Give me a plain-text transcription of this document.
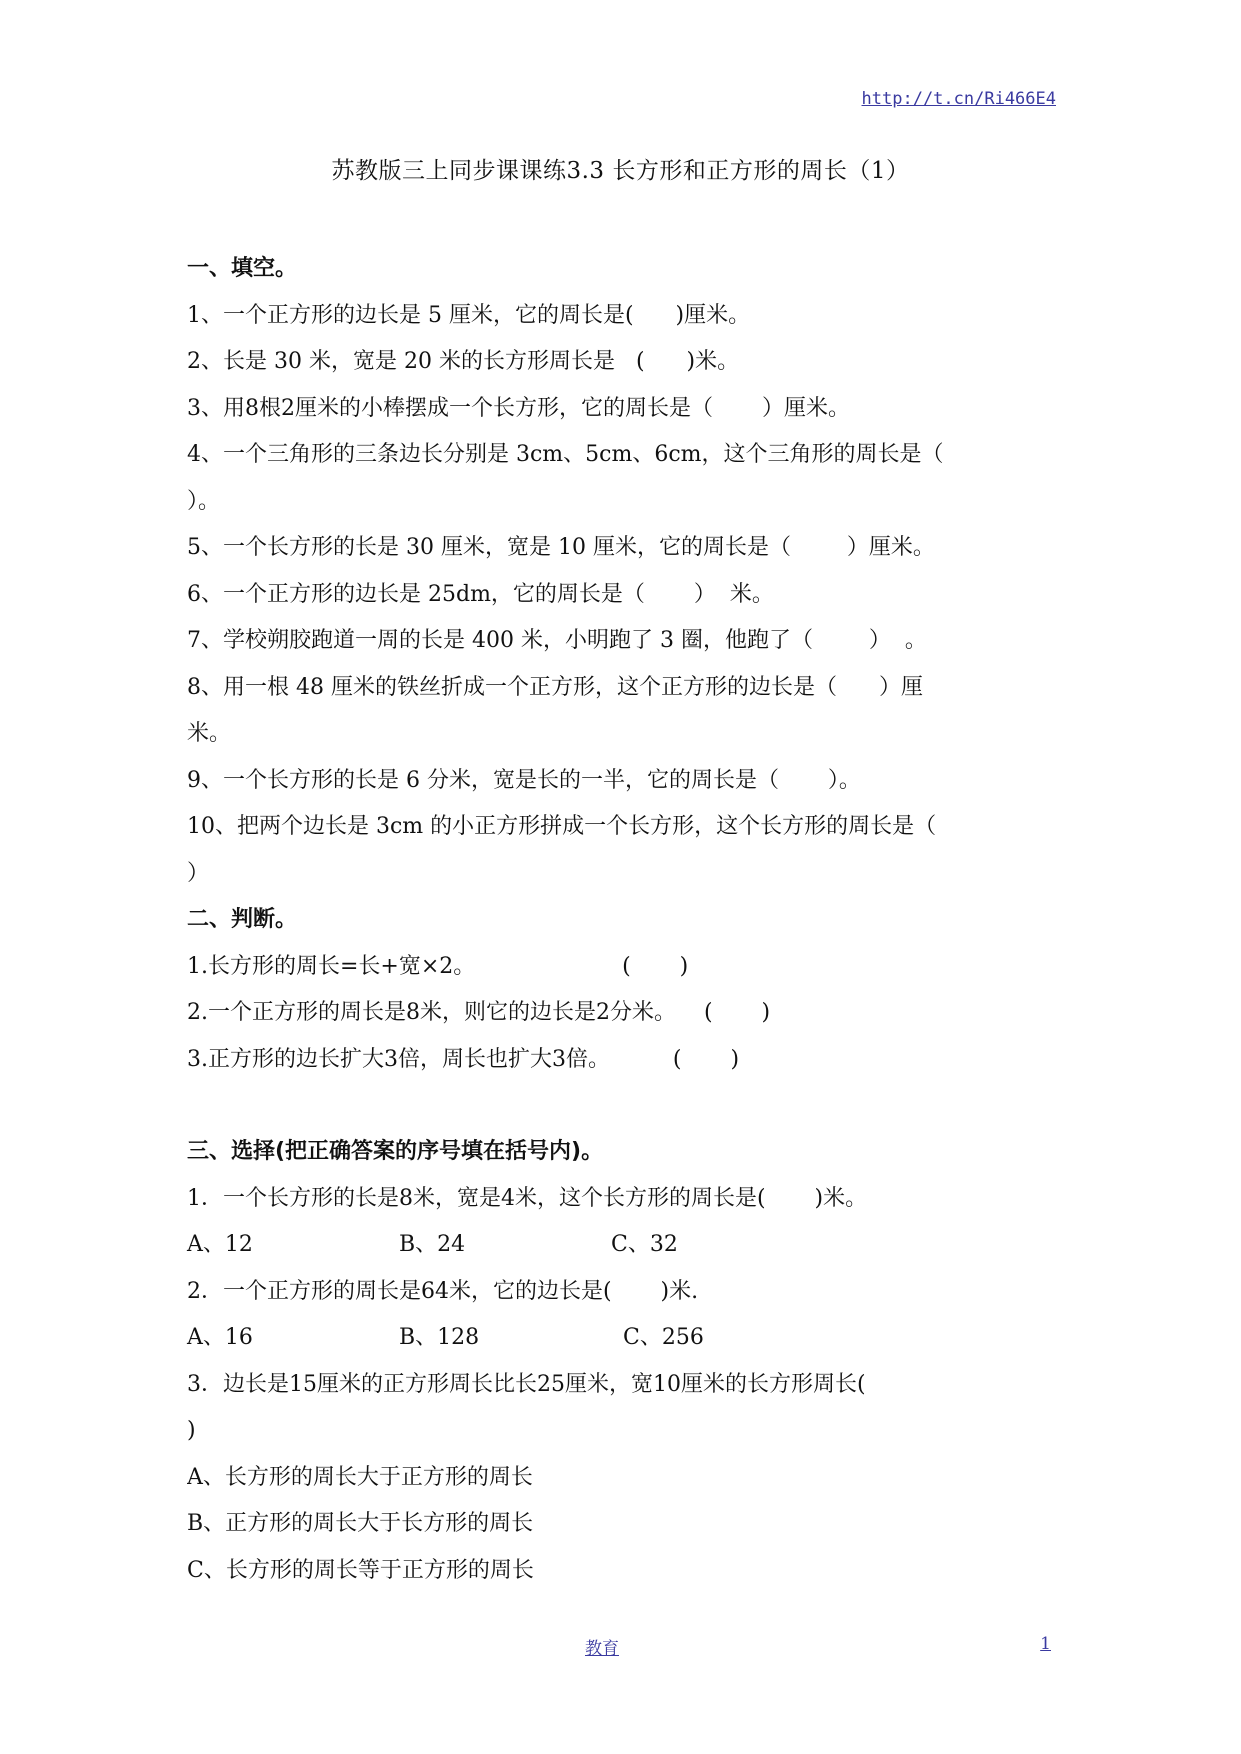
http://t.cn/Ri466E4
苏教版三上同步课课练3.3 长方形和正方形的周长（1）
一、填空。
1、一个正方形的边长是 5 厘米，它的周长是(      )厘米。
2、长是 30 米，宽是 20 米的长方形周长是   (      )米。
3、用8根2厘米的小棒摆成一个长方形，它的周长是（       ）厘米。
4、一个三角形的三条边长分别是 3cm、5cm、6cm，这个三角形的周长是（
）。
5、一个长方形的长是 30 厘米，宽是 10 厘米，它的周长是（        ）厘米。
6、一个正方形的边长是 25dm，它的周长是（       ）  米。
7、学校朔胶跑道一周的长是 400 米，小明跑了 3 圈，他跑了（        ）  。
8、用一根 48 厘米的铁丝折成一个正方形，这个正方形的边长是（      ）厘
米。
9、一个长方形的长是 6 分米，宽是长的一半，它的周长是（       ）。
10、把两个边长是 3cm 的小正方形拼成一个长方形，这个长方形的周长是（
）
二、判断。
1.长方形的周长=长+宽×2。                     (       )
2.一个正方形的周长是8米，则它的边长是2分米。    (       )
3.正方形的边长扩大3倍，周长也扩大3倍。         (       )
三、选择(把正确答案的序号填在括号内)。
1．一个长方形的长是8米，宽是4米，这个长方形的周长是(       )米。
A、12	B、24	C、32
2．一个正方形的周长是64米，它的边长是(       )米.
A、16	B、128	C、256
3．边长是15厘米的正方形周长比长25厘米，宽10厘米的长方形周长(
)
A、长方形的周长大于正方形的周长
B、正方形的周长大于长方形的周长
C、长方形的周长等于正方形的周长
教育	1
